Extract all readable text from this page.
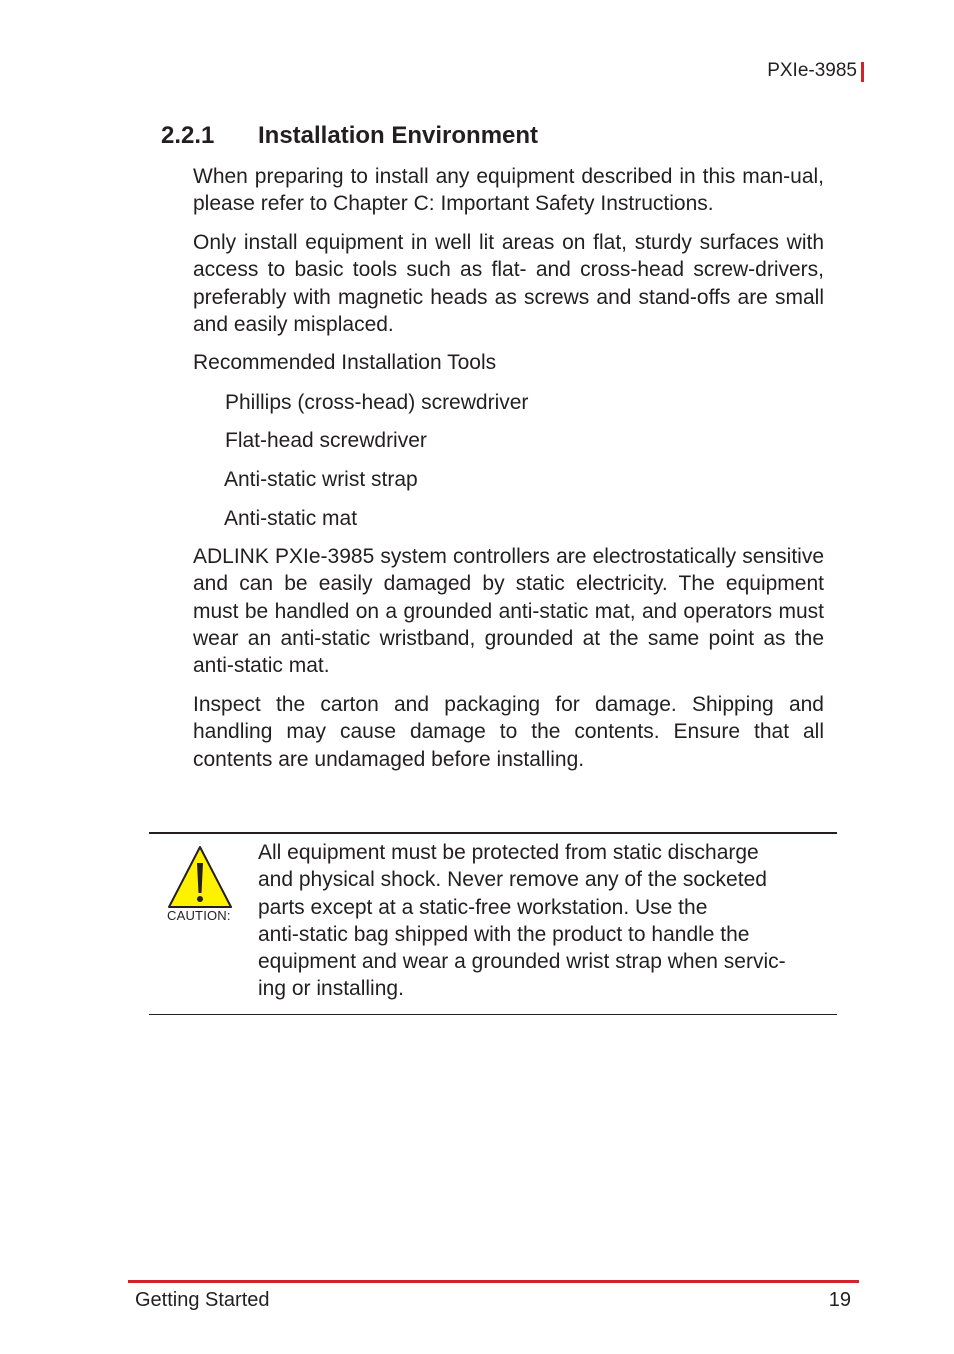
PXIe-3985
2.2.1 Installation Environment

When preparing to install any equipment described in this man-​ual, please refer to Chapter C: Important Safety Instructions.

Only install equipment in well lit areas on flat, sturdy surfaces with access to basic tools such as flat- and cross-head screw-​drivers, preferably with magnetic heads as screws and stand-​offs are small and easily misplaced.

Recommended Installation Tools

Phillips (cross-head) screwdriver

Flat-head screwdriver

Anti-static wrist strap

Anti-static mat

ADLINK PXIe-3985 system controllers are electrostatically sensitive and can be easily damaged by static electricity. The equipment must be handled on a grounded anti-static mat, and operators must wear an anti-static wristband, grounded at the same point as the anti-static mat.

Inspect the carton and packaging for damage. Shipping and handling may cause damage to the contents. Ensure that all contents are undamaged before installing.

CAUTION:

All equipment must be protected from static discharge
and physical shock. Never remove any of the socketed
parts except at a static-free workstation. Use the
anti-static bag shipped with the product to handle the
equipment and wear a grounded wrist strap when servic-
ing or installing.

Getting Started	19
